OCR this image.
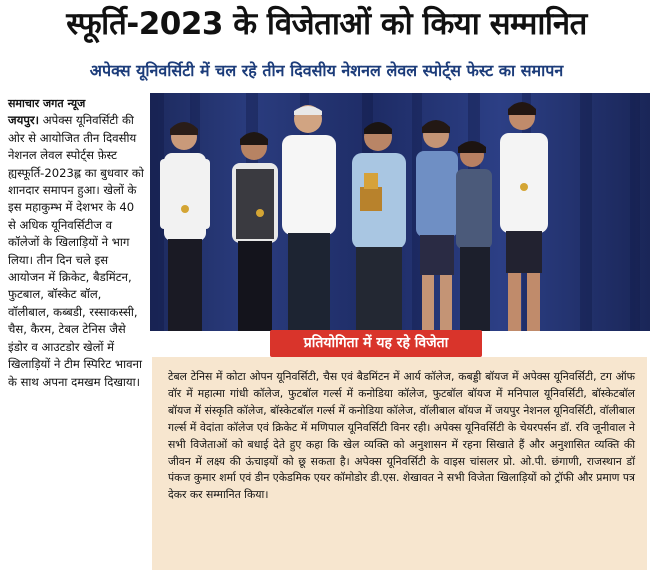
स्फूर्ति-2023 के विजेताओं को किया सम्मानित
अपेक्स यूनिवर्सिटी में चल रहे तीन दिवसीय नेशनल लेवल स्पोर्ट्स फेस्ट का समापन
समाचार जगत न्यूज
जयपुर। अपेक्स यूनिवर्सिटी की ओर से आयोजित तीन दिवसीय नेशनल लेवल स्पोर्ट्स फ़ेस्ट ह्यस्फूर्ति-2023ह्ल का बुधवार को शानदार समापन हुआ। खेलों के इस महाकुम्भ में देशभर के 40 से अधिक यूनिवर्सिटीज व कॉलेजों के खिलाड़ियों ने भाग लिया। तीन दिन चले इस आयोजन में क्रिकेट, बैडमिंटन, फुटबाल, बॉस्केट बॉल, वॉलीबाल, कब्बडी, रस्साकस्सी, चैस, कैरम, टेबल टेनिस जैसे इंडोर व आउटडोर खेलों में खिलाड़ियों ने टीम स्पिरिट भावना के साथ अपना दमखम दिखाया।
प्रतियोगिता में यह रहे विजेता
टेबल टेनिस में कोटा ओपन यूनिवर्सिटी, चैस एवं बैडमिंटन में आर्य कॉलेज, कबड्डी बॉयज में अपेक्स यूनिवर्सिटी, टग ऑफ वॉर में महात्मा गांधी कॉलेज, फुटबॉल गर्ल्स में कनोडिया कॉलेज, फुटबॉल बॉयज में मनिपाल यूनिवर्सिटी, बॉस्केटबॉल बॉयज में संस्कृति कॉलेज, बॉस्केटबॉल गर्ल्स में कनोडिया कॉलेज, वॉलीबाल बॉयज में जयपुर नेशनल यूनिवर्सिटी, वॉलीबाल गर्ल्स में वेदांता कॉलेज एवं क्रिकेट में मणिपाल यूनिवर्सिटी विनर रही। अपेक्स यूनिवर्सिटी के चेयरपर्सन डॉ. रवि जूनीवाल ने सभी विजेताओं को बधाई देते हुए कहा कि खेल व्यक्ति को अनुशासन में रहना सिखाते हैं और अनुशासित व्यक्ति की जीवन में लक्ष्य की ऊंचाइयों को छू सकता है। अपेक्स यूनिवर्सिटी के वाइस चांसलर प्रो. ओ.पी. छंगाणी, राजस्थान डॉ पंकज कुमार शर्मा एवं डीन एकेडमिक एयर कॉमोडोर डी.एस. शेखावत ने सभी विजेता खिलाड़ियों को ट्रॉफी और प्रमाण पत्र देकर कर सम्मानित किया।
